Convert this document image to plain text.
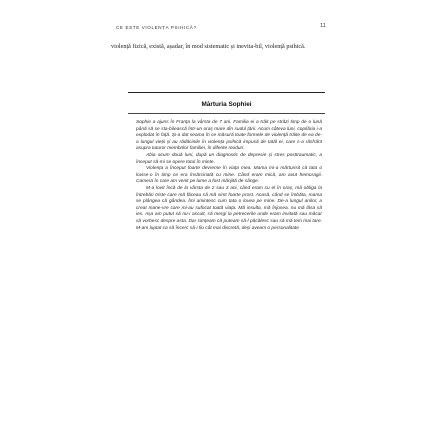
CE ESTE VIOLENȚA PSIHICĂ?	11
violență fizică, există, așadar, în mod sistematic și inevita-bil, violență psihică.
Mărturia Sophiei

Sophie a ajuns în Franța la vârsta de 7 ani. Familia ei a trăit pe străzi timp de o lună până să se sta-bilească într-un oraș mare din sudul țării. Acum câteva luni, copilăria i-a explodat în față. Și-a dat seama în ce măsură toate formele de violență trăite de ea de-a lungul vieții și au rădăcinile în violența psihică impusă de tatăl ei, care s-a răsfrânt asupra tuturor membrilor familiei, în diferite moduri.

Abia acum două luni, după un diagnostic de depresie și stres posttraumatic, a început să-mi se opere totul în minte.

Violența a început foarte devreme în viața mea. Mama mi-a mărturisit că tata o lovise-o în timp ce era însărcinată cu mine. Când eram mică, am avut hemoragii. Camera în care am venit pe lume a fost mânjită de sânge.

M-a lovit încă de la vârsta de 2 sau 3 ani, când eram cu el în oraș, mă obliga la întrebări triste care mă făceau să mă simt foarte prost. Acasă, când se îmbăta, mama se plângea că gândea. Îmi amintesc cum tata o lovea pe mine. De-a lungul anilor, a creat mane-vre care mi-au sufocat toată viața. Mă insulta, mă înjosea, nu mă lăsa să ies. Așa am putut să nu-i ascult, să mergi la petrecerile unde eram invitată sau măcar să vorbesc despre asta. Dar simțeam că puteam să-l păcălesc sau să mă tem mai tare. M-am luptat ca să încerc să-i fiu cât mai discretă, deși aveam o personalitate
